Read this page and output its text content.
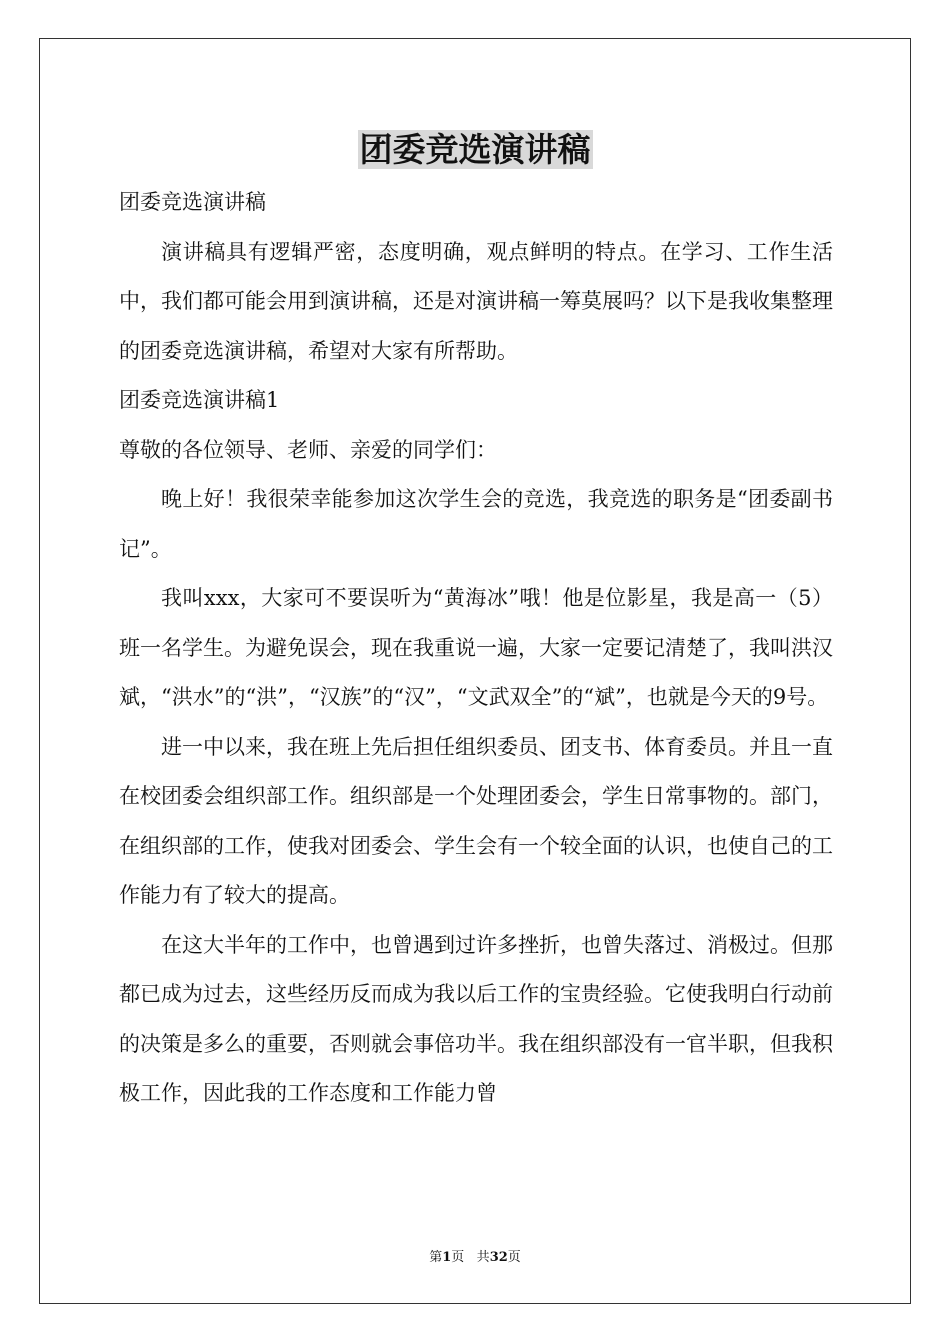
团委竞选演讲稿

团委竞选演讲稿

演讲稿具有逻辑严密，态度明确，观点鲜明的特点。在学习、工作生活中，我们都可能会用到演讲稿，还是对演讲稿一筹莫展吗？以下是我收集整理的团委竞选演讲稿，希望对大家有所帮助。

团委竞选演讲稿1

尊敬的各位领导、老师、亲爱的同学们：

晚上好！我很荣幸能参加这次学生会的竞选，我竞选的职务是“团委副书记”。

我叫xxx，大家可不要误听为“黄海冰”哦！他是位影星，我是高一（5）班一名学生。为避免误会，现在我重说一遍，大家一定要记清楚了，我叫洪汉斌，“洪水”的“洪”，“汉族”的“汉”，“文武双全”的“斌”，也就是今天的9号。

进一中以来，我在班上先后担任组织委员、团支书、体育委员。并且一直在校团委会组织部工作。组织部是一个处理团委会，学生日常事物的。部门，在组织部的工作，使我对团委会、学生会有一个较全面的认识，也使自己的工作能力有了较大的提高。

在这大半年的工作中，也曾遇到过许多挫折，也曾失落过、消极过。但那都已成为过去，这些经历反而成为我以后工作的宝贵经验。它使我明白行动前的决策是多么的重要，否则就会事倍功半。我在组织部没有一官半职，但我积极工作，因此我的工作态度和工作能力曾

第1页 共32页
